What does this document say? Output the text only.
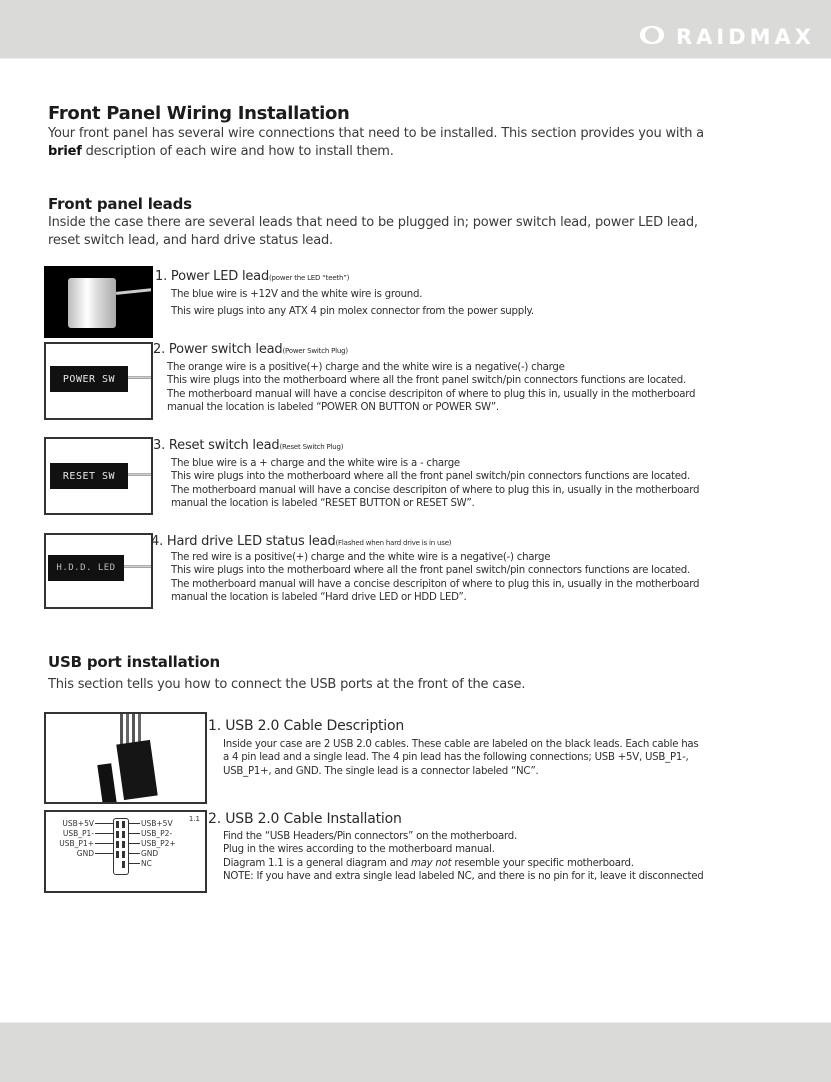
RAIDMAX
Front Panel Wiring Installation
Your front panel has several wire connections that need to be installed. This section provides you with a
brief description of each wire and how to install them.
Front panel leads
Inside the case there are several leads that need to be plugged in; power switch lead, power LED lead,
reset switch lead, and hard drive status lead.
1. Power LED lead(power the LED “teeth”)
The blue wire is +12V and the white wire is ground.
This wire plugs into any ATX 4 pin molex connector from the power supply.
POWER SW
2. Power switch lead(Power Switch Plug)
The orange wire is a positive(+) charge and the white wire is a negative(-) charge
This wire plugs into the motherboard where all the front panel switch/pin connectors functions are located.
The motherboard manual will have a concise descripiton of where to plug this in, usually in the motherboard
manual the location is labeled “POWER ON BUTTON or POWER SW”.
RESET SW
3. Reset switch lead(Reset Switch Plug)
The blue wire is a + charge and the white wire is a - charge
This wire plugs into the motherboard where all the front panel switch/pin connectors functions are located.
The motherboard manual will have a concise descripiton of where to plug this in, usually in the motherboard
manual the location is labeled “RESET BUTTON or RESET SW”.
H.D.D. LED
4. Hard drive LED status lead(Flashed when hard drive is in use)
The red wire is a positive(+) charge and the white wire is a negative(-) charge
This wire plugs into the motherboard where all the front panel switch/pin connectors functions are located.
The motherboard manual will have a concise descripiton of where to plug this in, usually in the motherboard
manual the location is labeled “Hard drive LED or HDD LED”.
USB port installation
This section tells you how to connect the USB ports at the front of the case.
1. USB 2.0 Cable Description
Inside your case are 2 USB 2.0 cables. These cable are labeled on the black leads. Each cable has
a 4 pin lead and a single lead. The 4 pin lead has the following connections; USB +5V, USB_P1-,
USB_P1+, and GND. The single lead is a connector labeled “NC”.
1.1
USB+5V
USB_P1-
USB_P1+
GND
USB+5V
USB_P2-
USB_P2+
GND
NC
2. USB 2.0 Cable Installation
Find the “USB Headers/Pin connectors” on the motherboard.
Plug in the wires according to the motherboard manual.
Diagram 1.1 is a general diagram and may not resemble your specific motherboard.
NOTE: If you have and extra single lead labeled NC, and there is no pin for it, leave it disconnected
